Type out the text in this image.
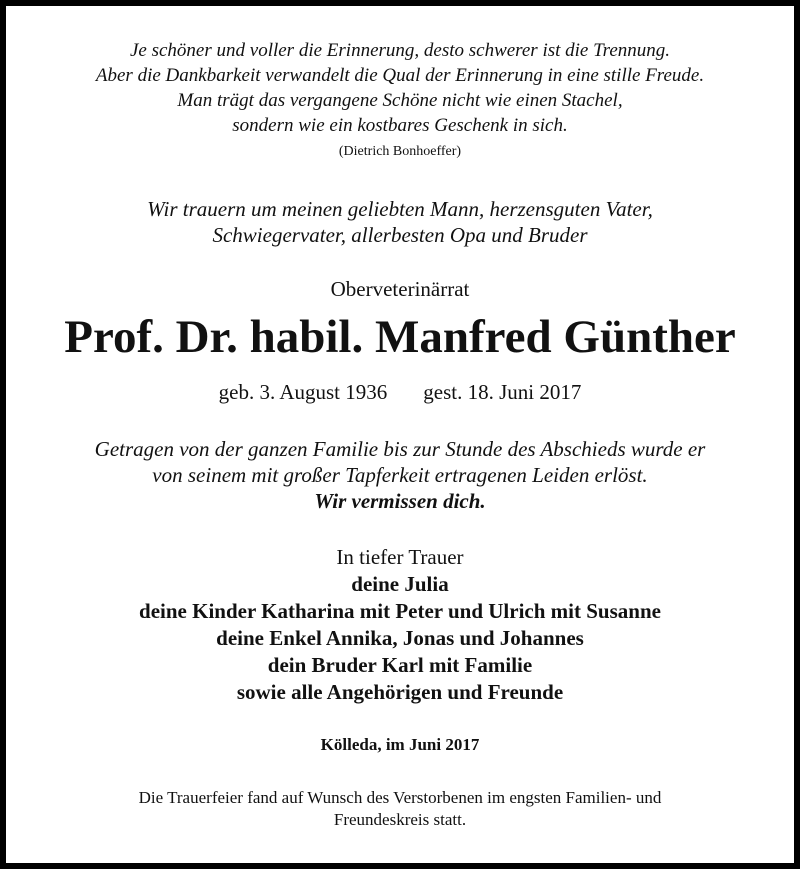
Je schöner und voller die Erinnerung, desto schwerer ist die Trennung.
Aber die Dankbarkeit verwandelt die Qual der Erinnerung in eine stille Freude.
Man trägt das vergangene Schöne nicht wie einen Stachel,
sondern wie ein kostbares Geschenk in sich.
(Dietrich Bonhoeffer)
Wir trauern um meinen geliebten Mann, herzensguten Vater,
Schwiegervater, allerbesten Opa und Bruder
Oberveterinärrat
Prof. Dr. habil. Manfred Günther
geb. 3. August 1936 gest. 18. Juni 2017
Getragen von der ganzen Familie bis zur Stunde des Abschieds wurde er
von seinem mit großer Tapferkeit ertragenen Leiden erlöst.
Wir vermissen dich.
In tiefer Trauer
deine Julia
deine Kinder Katharina mit Peter und Ulrich mit Susanne
deine Enkel Annika, Jonas und Johannes
dein Bruder Karl mit Familie
sowie alle Angehörigen und Freunde
Kölleda, im Juni 2017
Die Trauerfeier fand auf Wunsch des Verstorbenen im engsten Familien- und
Freundeskreis statt.
